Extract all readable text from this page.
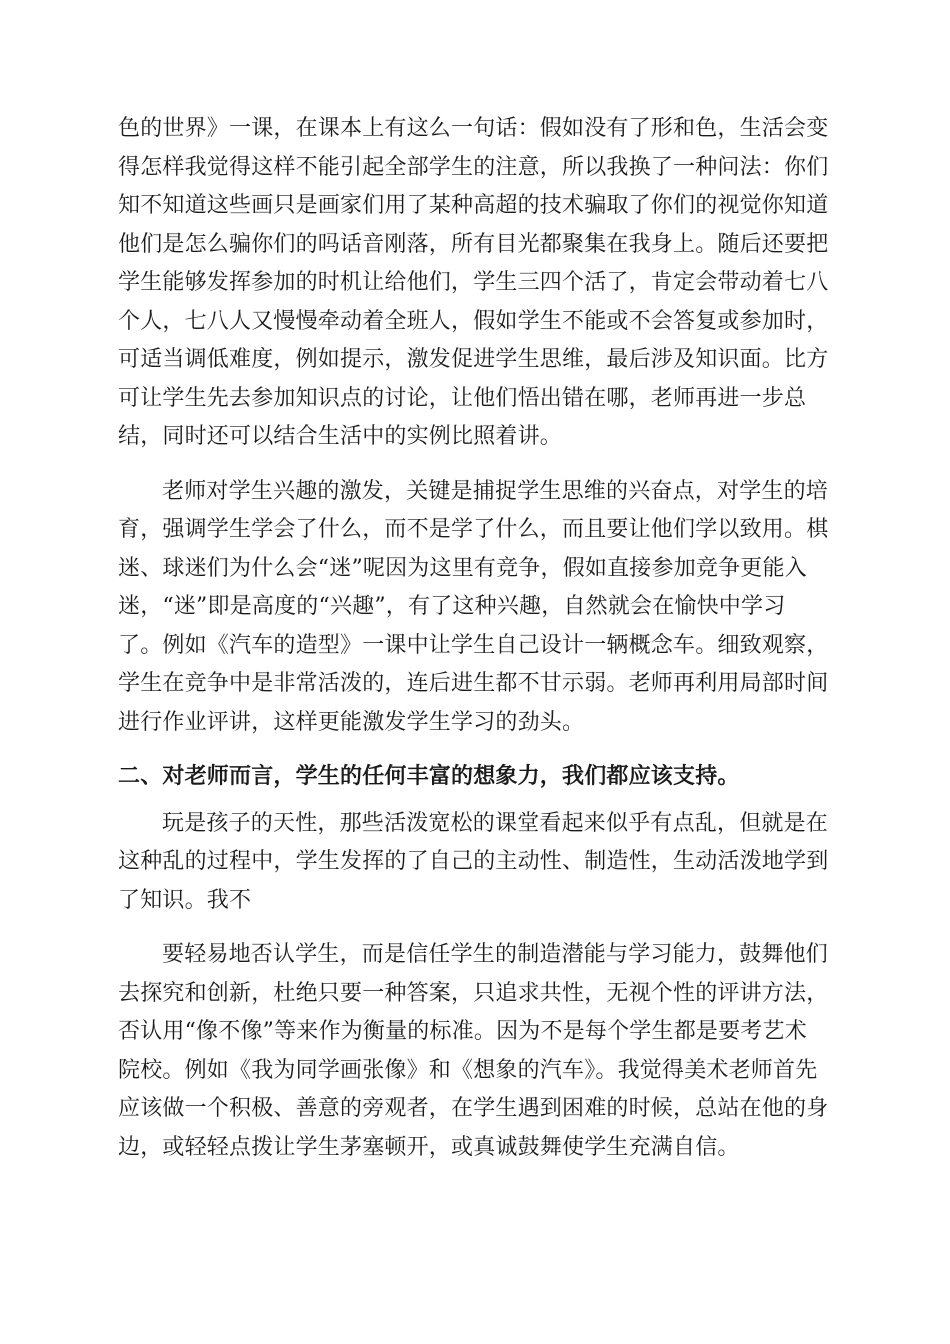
色的世界》一课，在课本上有这么一句话：假如没有了形和色，生活会变
得怎样我觉得这样不能引起全部学生的注意，所以我换了一种问法：你们
知不知道这些画只是画家们用了某种高超的技术骗取了你们的视觉你知道
他们是怎么骗你们的吗话音刚落，所有目光都聚集在我身上。随后还要把
学生能够发挥参加的时机让给他们，学生三四个活了，肯定会带动着七八
个人，七八人又慢慢牵动着全班人，假如学生不能或不会答复或参加时，
可适当调低难度，例如提示，激发促进学生思维，最后涉及知识面。比方
可让学生先去参加知识点的讨论，让他们悟出错在哪，老师再进一步总
结，同时还可以结合生活中的实例比照着讲。
老师对学生兴趣的激发，关键是捕捉学生思维的兴奋点，对学生的培
育，强调学生学会了什么，而不是学了什么，而且要让他们学以致用。棋
迷、球迷们为什么会“迷”呢因为这里有竞争，假如直接参加竞争更能入
迷，“迷”即是高度的“兴趣”，有了这种兴趣，自然就会在愉快中学习
了。例如《汽车的造型》一课中让学生自己设计一辆概念车。细致观察，
学生在竞争中是非常活泼的，连后进生都不甘示弱。老师再利用局部时间
进行作业评讲，这样更能激发学生学习的劲头。
二、对老师而言，学生的任何丰富的想象力，我们都应该支持。
玩是孩子的天性，那些活泼宽松的课堂看起来似乎有点乱，但就是在
这种乱的过程中，学生发挥的了自己的主动性、制造性，生动活泼地学到
了知识。我不
要轻易地否认学生，而是信任学生的制造潜能与学习能力，鼓舞他们
去探究和创新，杜绝只要一种答案，只追求共性，无视个性的评讲方法，
否认用“像不像”等来作为衡量的标准。因为不是每个学生都是要考艺术
院校。例如《我为同学画张像》和《想象的汽车》。我觉得美术老师首先
应该做一个积极、善意的旁观者，在学生遇到困难的时候，总站在他的身
边，或轻轻点拨让学生茅塞顿开，或真诚鼓舞使学生充满自信。
